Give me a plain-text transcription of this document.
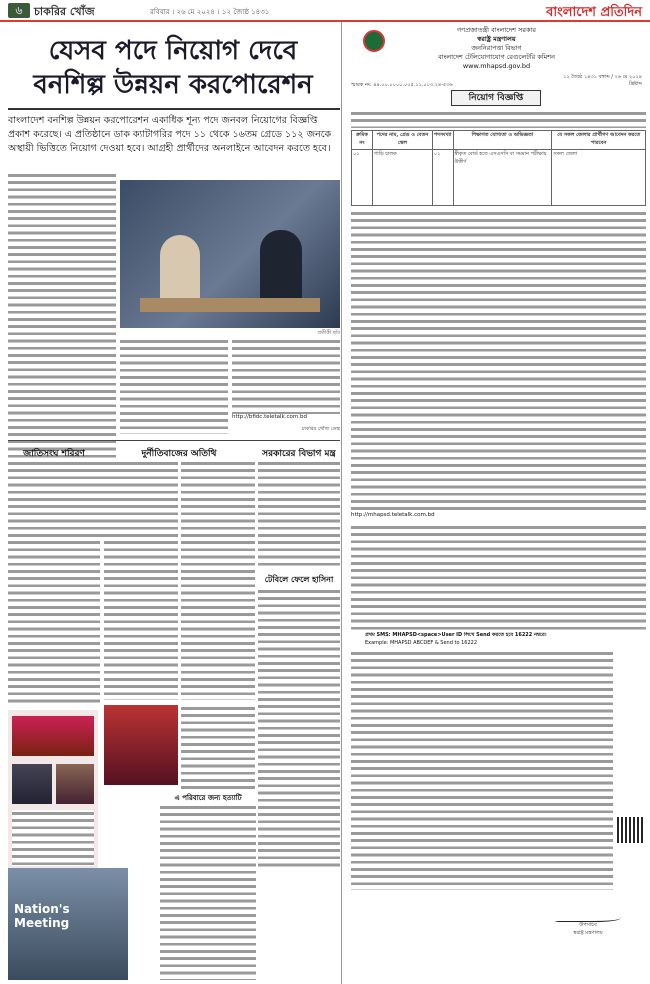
৬	চাকরির খোঁজ	রবিবার । ২৬ মে ২০২৪ । ১২ জ্যৈষ্ঠ ১৪৩১	বাংলাদেশ প্রতিদিন
যেসব পদে নিয়োগ দেবে
বনশিল্প উন্নয়ন করপোরেশন
বাংলাদেশ বনশিল্প উন্নয়ন করপোরেশন একাধিক শূন্য পদে জনবল নিয়োগের বিজ্ঞপ্তি প্রকাশ করেছে। এ প্রতিষ্ঠানে ডাক ক্যাটাগরির পদে ১১ থেকে ১৬তম গ্রেডে ১১২ জনকে অস্থায়ী ভিত্তিতে নিয়োগ দেওয়া হবে। আগ্রহী প্রার্থীদের অনলাইনে আবেদন করতে হবে।
প্রতীকী ছবি
http://bfidc.teletalk.com.bd
চাকরির খোঁজ ডেস্ক
জাতিসংঘ শরিরণ	দুর্নীতিবাজের অতিথি	সরকারের বিভাগ মন্ত্র
টেবিলে ফেলে হাসিনা
এ পরিবারে জন্য হত্যাটি
Nation's Meeting
গণপ্রজাতন্ত্রী বাংলাদেশ সরকার
স্বরাষ্ট্র মন্ত্রণালয়
জননিরাপত্তা বিভাগ
বাংলাদেশ টেলিযোগাযোগ রেগুলেটরি কমিশন
www.mhapsd.gov.bd
স্মারক নং: ৪৪.০০.০০০০.০০৫.১১.০০৩.২৪-৫৩৬
১২ জ্যৈষ্ঠ ১৪৩১ বঙ্গাব্দ / ২৬ মে ২০২৪ খ্রিষ্টাব্দ
নিয়োগ বিজ্ঞপ্তি
ক্রমিক নং	পদের নাম, গ্রেড ও বেতন স্কেল	পদসংখ্যা	শিক্ষাগত যোগ্যতা ও অভিজ্ঞতা	যে সকল জেলার প্রার্থীগণ আবেদন করতে পারবেন
০১	গাড়ি চালক	০১	স্বীকৃত বোর্ড হতে এসএসসি বা সমমান পরীক্ষায় উত্তীর্ণ	সকল জেলা
http://mhapsd.teletalk.com.bd
প্রথম SMS: MHAPSD<space>User ID লিখে Send করতে হবে 16222 নম্বরে।
Example: MHAPSD ABCDEF & Send to 16222
উপসচিব
স্বরাষ্ট্র মন্ত্রণালয়
